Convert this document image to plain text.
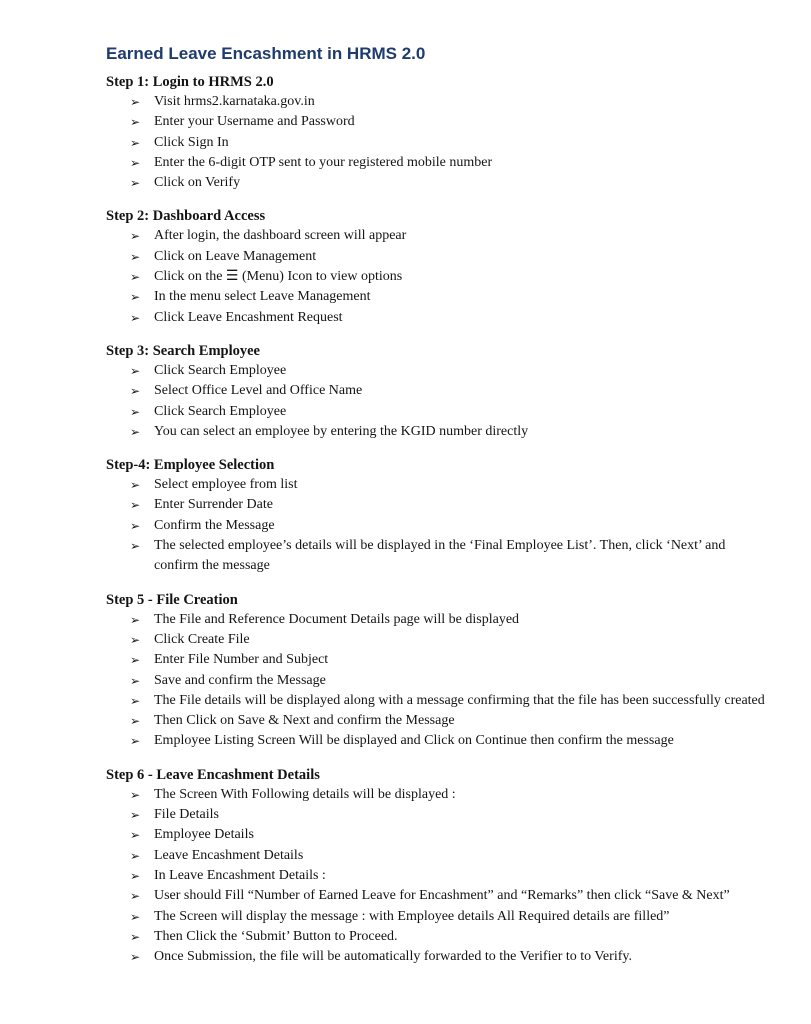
Earned Leave Encashment in HRMS 2.0
Step 1: Login to HRMS 2.0
➢ Visit hrms2.karnataka.gov.in
➢ Enter your Username and Password
➢ Click Sign In
➢ Enter the 6-digit OTP sent to your registered mobile number
➢ Click on Verify
Step 2: Dashboard Access
➢ After login, the dashboard screen will appear
➢ Click on Leave Management
➢ Click on the ☰ (Menu) Icon to view options
➢ In the menu select Leave Management
➢ Click Leave Encashment Request
Step 3: Search Employee
➢ Click Search Employee
➢ Select Office Level and Office Name
➢ Click Search Employee
➢ You can select an employee by entering the KGID number directly
Step-4: Employee Selection
➢ Select employee from list
➢ Enter Surrender Date
➢ Confirm the Message
➢ The selected employee’s details will be displayed in the ‘Final Employee List’. Then, click ‘Next’ and confirm the message
Step 5 - File Creation
➢ The File and Reference Document Details page will be displayed
➢ Click Create File
➢ Enter File Number and Subject
➢ Save and confirm the Message
➢ The File details will be displayed along with a message confirming that the file has been successfully created
➢ Then Click on Save & Next and confirm the Message
➢ Employee Listing Screen Will be displayed and Click on Continue then confirm the message
Step 6 - Leave Encashment Details
➢ The Screen With Following details will be displayed :
➢ File Details
➢ Employee Details
➢ Leave Encashment Details
➢ In Leave Encashment Details :
➢ User should Fill “Number of Earned Leave for Encashment” and “Remarks” then click “Save & Next”
➢ The Screen will display the message : with Employee details All Required details are filled”
➢ Then Click the ‘Submit’ Button to Proceed.
➢ Once Submission, the file will be automatically forwarded to the Verifier to to Verify.
